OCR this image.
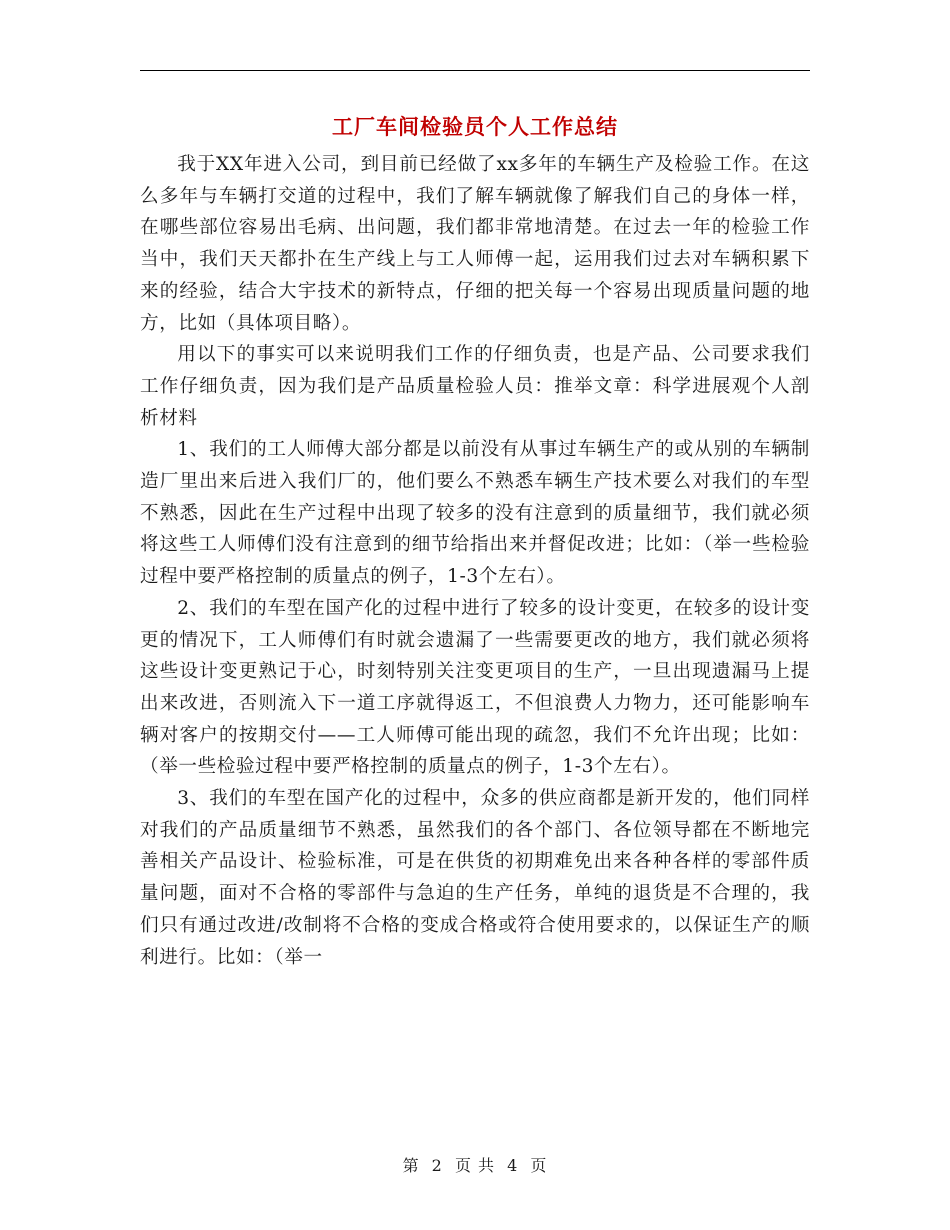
工厂车间检验员个人工作总结

我于XX年进入公司，到目前已经做了xx多年的车辆生产及检验工作。在这么多年与车辆打交道的过程中，我们了解车辆就像了解我们自己的身体一样，在哪些部位容易出毛病、出问题，我们都非常地清楚。在过去一年的检验工作当中，我们天天都扑在生产线上与工人师傅一起，运用我们过去对车辆积累下来的经验，结合大宇技术的新特点，仔细的把关每一个容易出现质量问题的地方，比如（具体项目略）。

用以下的事实可以来说明我们工作的仔细负责，也是产品、公司要求我们工作仔细负责，因为我们是产品质量检验人员：推举文章：科学进展观个人剖析材料

1、我们的工人师傅大部分都是以前没有从事过车辆生产的或从别的车辆制造厂里出来后进入我们厂的，他们要么不熟悉车辆生产技术要么对我们的车型不熟悉，因此在生产过程中出现了较多的没有注意到的质量细节，我们就必须将这些工人师傅们没有注意到的细节给指出来并督促改进；比如：（举一些检验过程中要严格控制的质量点的例子，1-3个左右）。

2、我们的车型在国产化的过程中进行了较多的设计变更，在较多的设计变更的情况下，工人师傅们有时就会遗漏了一些需要更改的地方，我们就必须将这些设计变更熟记于心，时刻特别关注变更项目的生产，一旦出现遗漏马上提出来改进，否则流入下一道工序就得返工，不但浪费人力物力，还可能影响车辆对客户的按期交付——工人师傅可能出现的疏忽，我们不允许出现；比如：（举一些检验过程中要严格控制的质量点的例子，1-3个左右）。

3、我们的车型在国产化的过程中，众多的供应商都是新开发的，他们同样对我们的产品质量细节不熟悉，虽然我们的各个部门、各位领导都在不断地完善相关产品设计、检验标准，可是在供货的初期难免出来各种各样的零部件质量问题，面对不合格的零部件与急迫的生产任务，单纯的退货是不合理的，我们只有通过改进/改制将不合格的变成合格或符合使用要求的，以保证生产的顺利进行。比如：（举一

第 2 页 共 4 页
